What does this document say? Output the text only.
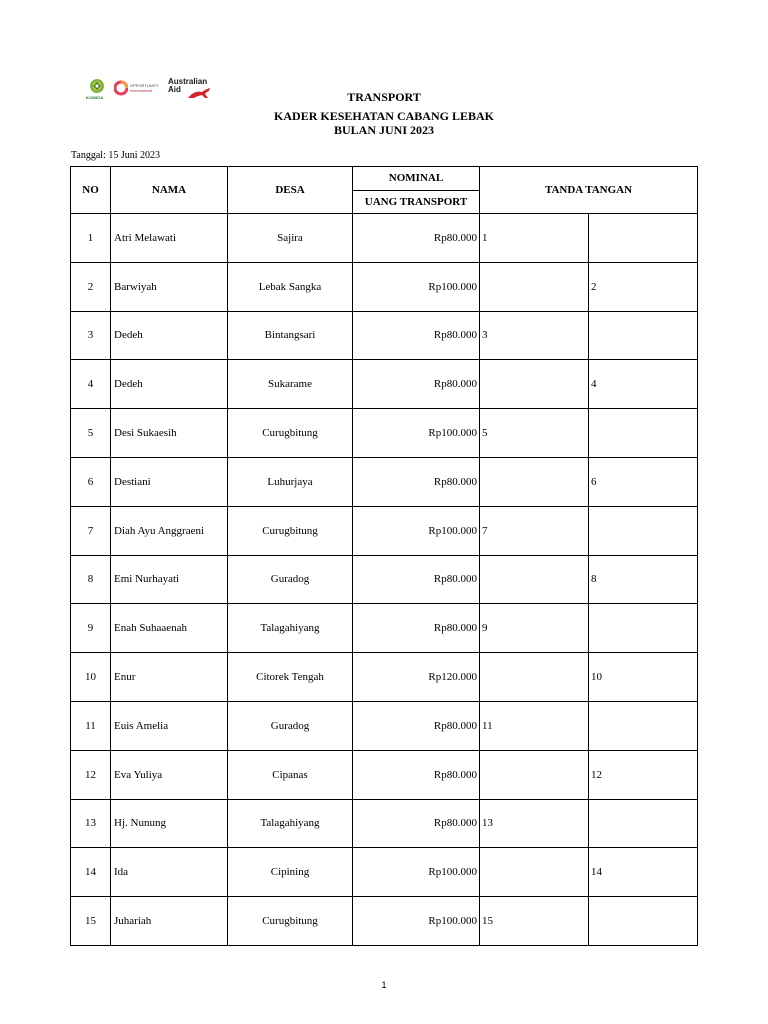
KOMIDA
OPPORTUNITY
International
Australian
Aid
TRANSPORT
KADER KESEHATAN CABANG LEBAK
BULAN JUNI 2023
Tanggal: 15 Juni 2023
NO	NAMA	DESA	NOMINAL	TANDA TANGAN	
			UANG TRANSPORT		
1	Atri Melawati	Sajira	Rp80.000	1	
2	Barwiyah	Lebak Sangka	Rp100.000		2
3	Dedeh	Bintangsari	Rp80.000	3	
4	Dedeh	Sukarame	Rp80.000		4
5	Desi Sukaesih	Curugbitung	Rp100.000	5	
6	Destiani	Luhurjaya	Rp80.000		6
7	Diah Ayu Anggraeni	Curugbitung	Rp100.000	7	
8	Emi Nurhayati	Guradog	Rp80.000		8
9	Enah Suhaaenah	Talagahiyang	Rp80.000	9	
10	Enur	Citorek Tengah	Rp120.000		10
11	Euis Amelia	Guradog	Rp80.000	11	
12	Eva Yuliya	Cipanas	Rp80.000		12
13	Hj. Nunung	Talagahiyang	Rp80.000	13	
14	Ida	Cipining	Rp100.000		14
15	Juhariah	Curugbitung	Rp100.000	15	
1
